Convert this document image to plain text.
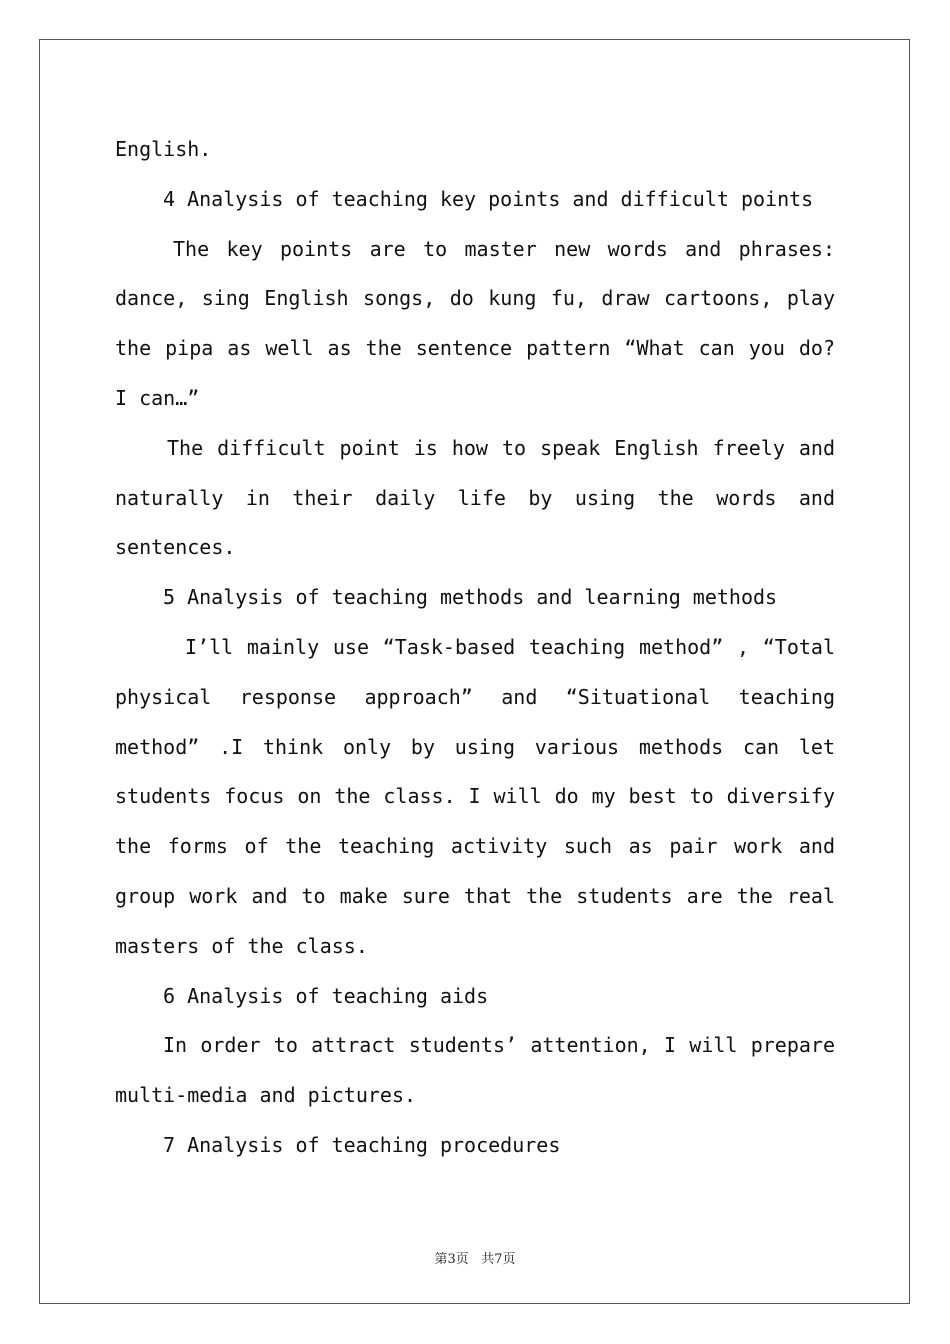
English.

4 Analysis of teaching key points and difficult points

The key points are to master new words and phrases: dance, sing English songs, do kung fu, draw cartoons, play the pipa as well as the sentence pattern “What can you do? I can…”

The difficult point is how to speak English freely and naturally in their daily life by using the words and sentences.

5 Analysis of teaching methods and learning methods

I’ll mainly use “Task-based teaching method” , “Total physical response approach” and “Situational teaching method” .I think only by using various methods can let students focus on the class. I will do my best to diversify the forms of the teaching activity such as pair work and group work and to make sure that the students are the real masters of the class.

6 Analysis of teaching aids

In order to attract students’ attention, I will prepare multi-media and pictures.

7 Analysis of teaching procedures

第3页 共7页
